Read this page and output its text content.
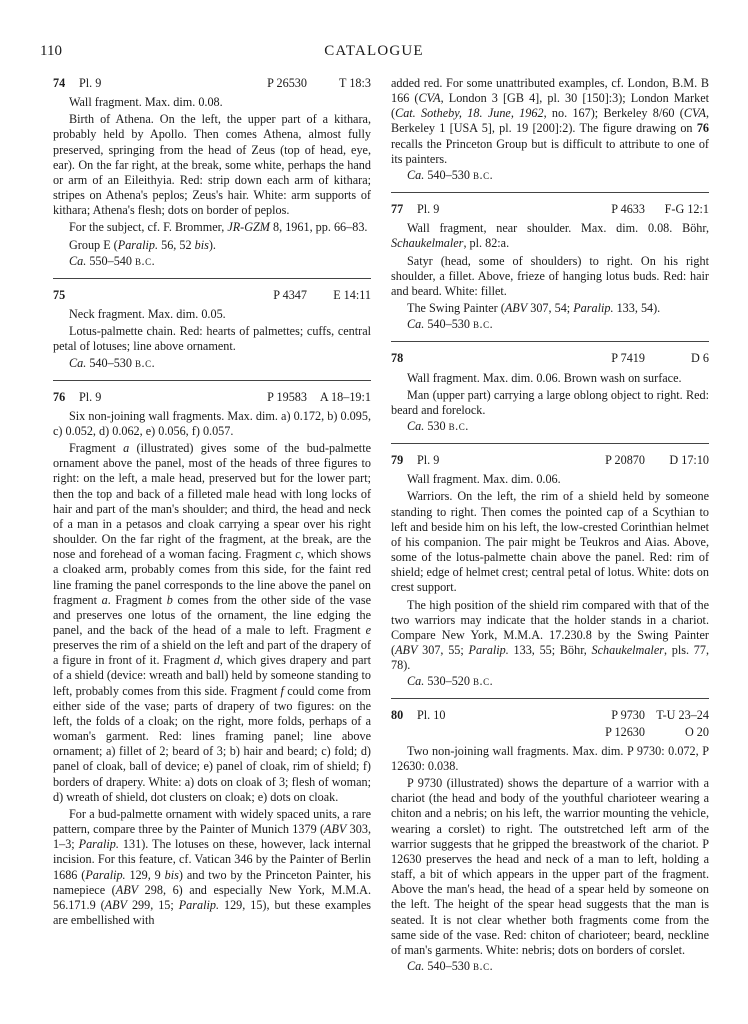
110	CATALOGUE
74	Pl. 9	P 26530	T 18:3

Wall fragment. Max. dim. 0.08.

Birth of Athena. On the left, the upper part of a kithara, probably held by Apollo. Then comes Athena, almost fully preserved, springing from the head of Zeus (top of head, eye, ear). On the far right, at the break, some white, perhaps the hand or arm of an Eileithyia. Red: strip down each arm of kithara; stripes on Athena's peplos; Zeus's hair. White: arm supports of kithara; Athena's flesh; dots on border of peplos.

For the subject, cf. F. Brommer, JR-GZM 8, 1961, pp. 66–83.

Group E (Paralip. 56, 52 bis).

Ca. 550–540 b.c.
75	P 4347 E 14:11

Neck fragment. Max. dim. 0.05.

Lotus-palmette chain. Red: hearts of palmettes; cuffs, central petal of lotuses; line above ornament.

Ca. 540–530 b.c.
76	Pl. 9	P 19583 A 18–19:1

Six non-joining wall fragments. Max. dim. a) 0.172, b) 0.095, c) 0.052, d) 0.062, e) 0.056, f) 0.057.

Fragment a (illustrated) gives some of the bud-palmette ornament above the panel, most of the heads of three figures to right: on the left, a male head, preserved but for the lower part; then the top and back of a filleted male head with long locks of hair and part of the man's shoulder; and third, the head and neck of a man in a petasos and cloak carrying a spear over his right shoulder. On the far right of the fragment, at the break, are the nose and forehead of a woman facing. Fragment c, which shows a cloaked arm, probably comes from this side, for the faint red line framing the panel corresponds to the line above the panel on fragment a. Fragment b comes from the other side of the vase and preserves one lotus of the ornament, the line edging the panel, and the back of the head of a male to left. Fragment e preserves the rim of a shield on the left and part of the drapery of a figure in front of it. Fragment d, which gives drapery and part of a shield (device: wreath and ball) held by someone standing to left, probably comes from this side. Fragment f could come from either side of the vase; parts of drapery of two figures: on the left, the folds of a cloak; on the right, more folds, perhaps of a woman's garment. Red: lines framing panel; line above ornament; a) fillet of 2; beard of 3; b) hair and beard; c) fold; d) panel of cloak, ball of device; e) panel of cloak, rim of shield; f) borders of drapery. White: a) dots on cloak of 3; flesh of woman; d) wreath of shield, dot clusters on cloak; e) dots on cloak.

For a bud-palmette ornament with widely spaced units, a rare pattern, compare three by the Painter of Munich 1379 (ABV 303, 1–3; Paralip. 131). The lotuses on these, however, lack internal incision. For this feature, cf. Vatican 346 by the Painter of Berlin 1686 (Paralip. 129, 9 bis) and two by the Princeton Painter, his namepiece (ABV 298, 6) and especially New York, M.M.A. 56.171.9 (ABV 299, 15; Paralip. 129, 15), but these examples are embellished with

added red. For some unattributed examples, cf. London, B.M. B 166 (CVA, London 3 [GB 4], pl. 30 [150]:3); London Market (Cat. Sotheby, 18. June, 1962, no. 167); Berkeley 8/60 (CVA, Berkeley 1 [USA 5], pl. 19 [200]:2). The figure drawing on 76 recalls the Princeton Group but is difficult to attribute to one of its painters.

Ca. 540–530 b.c.
77	Pl. 9	P 4633 F-G 12:1

Wall fragment, near shoulder. Max. dim. 0.08. Böhr, Schaukelmaler, pl. 82:a.

Satyr (head, some of shoulders) to right. On his right shoulder, a fillet. Above, frieze of hanging lotus buds. Red: hair and beard. White: fillet.

The Swing Painter (ABV 307, 54; Paralip. 133, 54).

Ca. 540–530 b.c.
78	P 7419	D 6

Wall fragment. Max. dim. 0.06. Brown wash on surface.

Man (upper part) carrying a large oblong object to right. Red: beard and forelock.

Ca. 530 b.c.
79	Pl. 9	P 20870 D 17:10

Wall fragment. Max. dim. 0.06.

Warriors. On the left, the rim of a shield held by someone standing to right. Then comes the pointed cap of a Scythian to left and beside him on his left, the low-crested Corinthian helmet of his companion. The pair might be Teukros and Aias. Above, some of the lotus-palmette chain above the panel. Red: rim of shield; edge of helmet crest; central petal of lotus. White: dots on crest support.

The high position of the shield rim compared with that of the two warriors may indicate that the holder stands in a chariot. Compare New York, M.M.A. 17.230.8 by the Swing Painter (ABV 307, 55; Paralip. 133, 55; Böhr, Schaukelmaler, pls. 77, 78).

Ca. 530–520 b.c.
80	Pl. 10	P 9730 T-U 23–24
P 12630	O 20

Two non-joining wall fragments. Max. dim. P 9730: 0.072, P 12630: 0.038.

P 9730 (illustrated) shows the departure of a warrior with a chariot (the head and body of the youthful charioteer wearing a chiton and a nebris; on his left, the warrior mounting the vehicle, wearing a corslet) to right. The outstretched left arm of the warrior suggests that he gripped the breastwork of the chariot. P 12630 preserves the head and neck of a man to left, holding a staff, a bit of which appears in the upper part of the fragment. Above the man's head, the head of a spear held by someone on the left. The height of the spear head suggests that the man is seated. It is not clear whether both fragments come from the same side of the vase. Red: chiton of charioteer; beard, neckline of man's garments. White: nebris; dots on borders of corslet.

Ca. 540–530 b.c.
